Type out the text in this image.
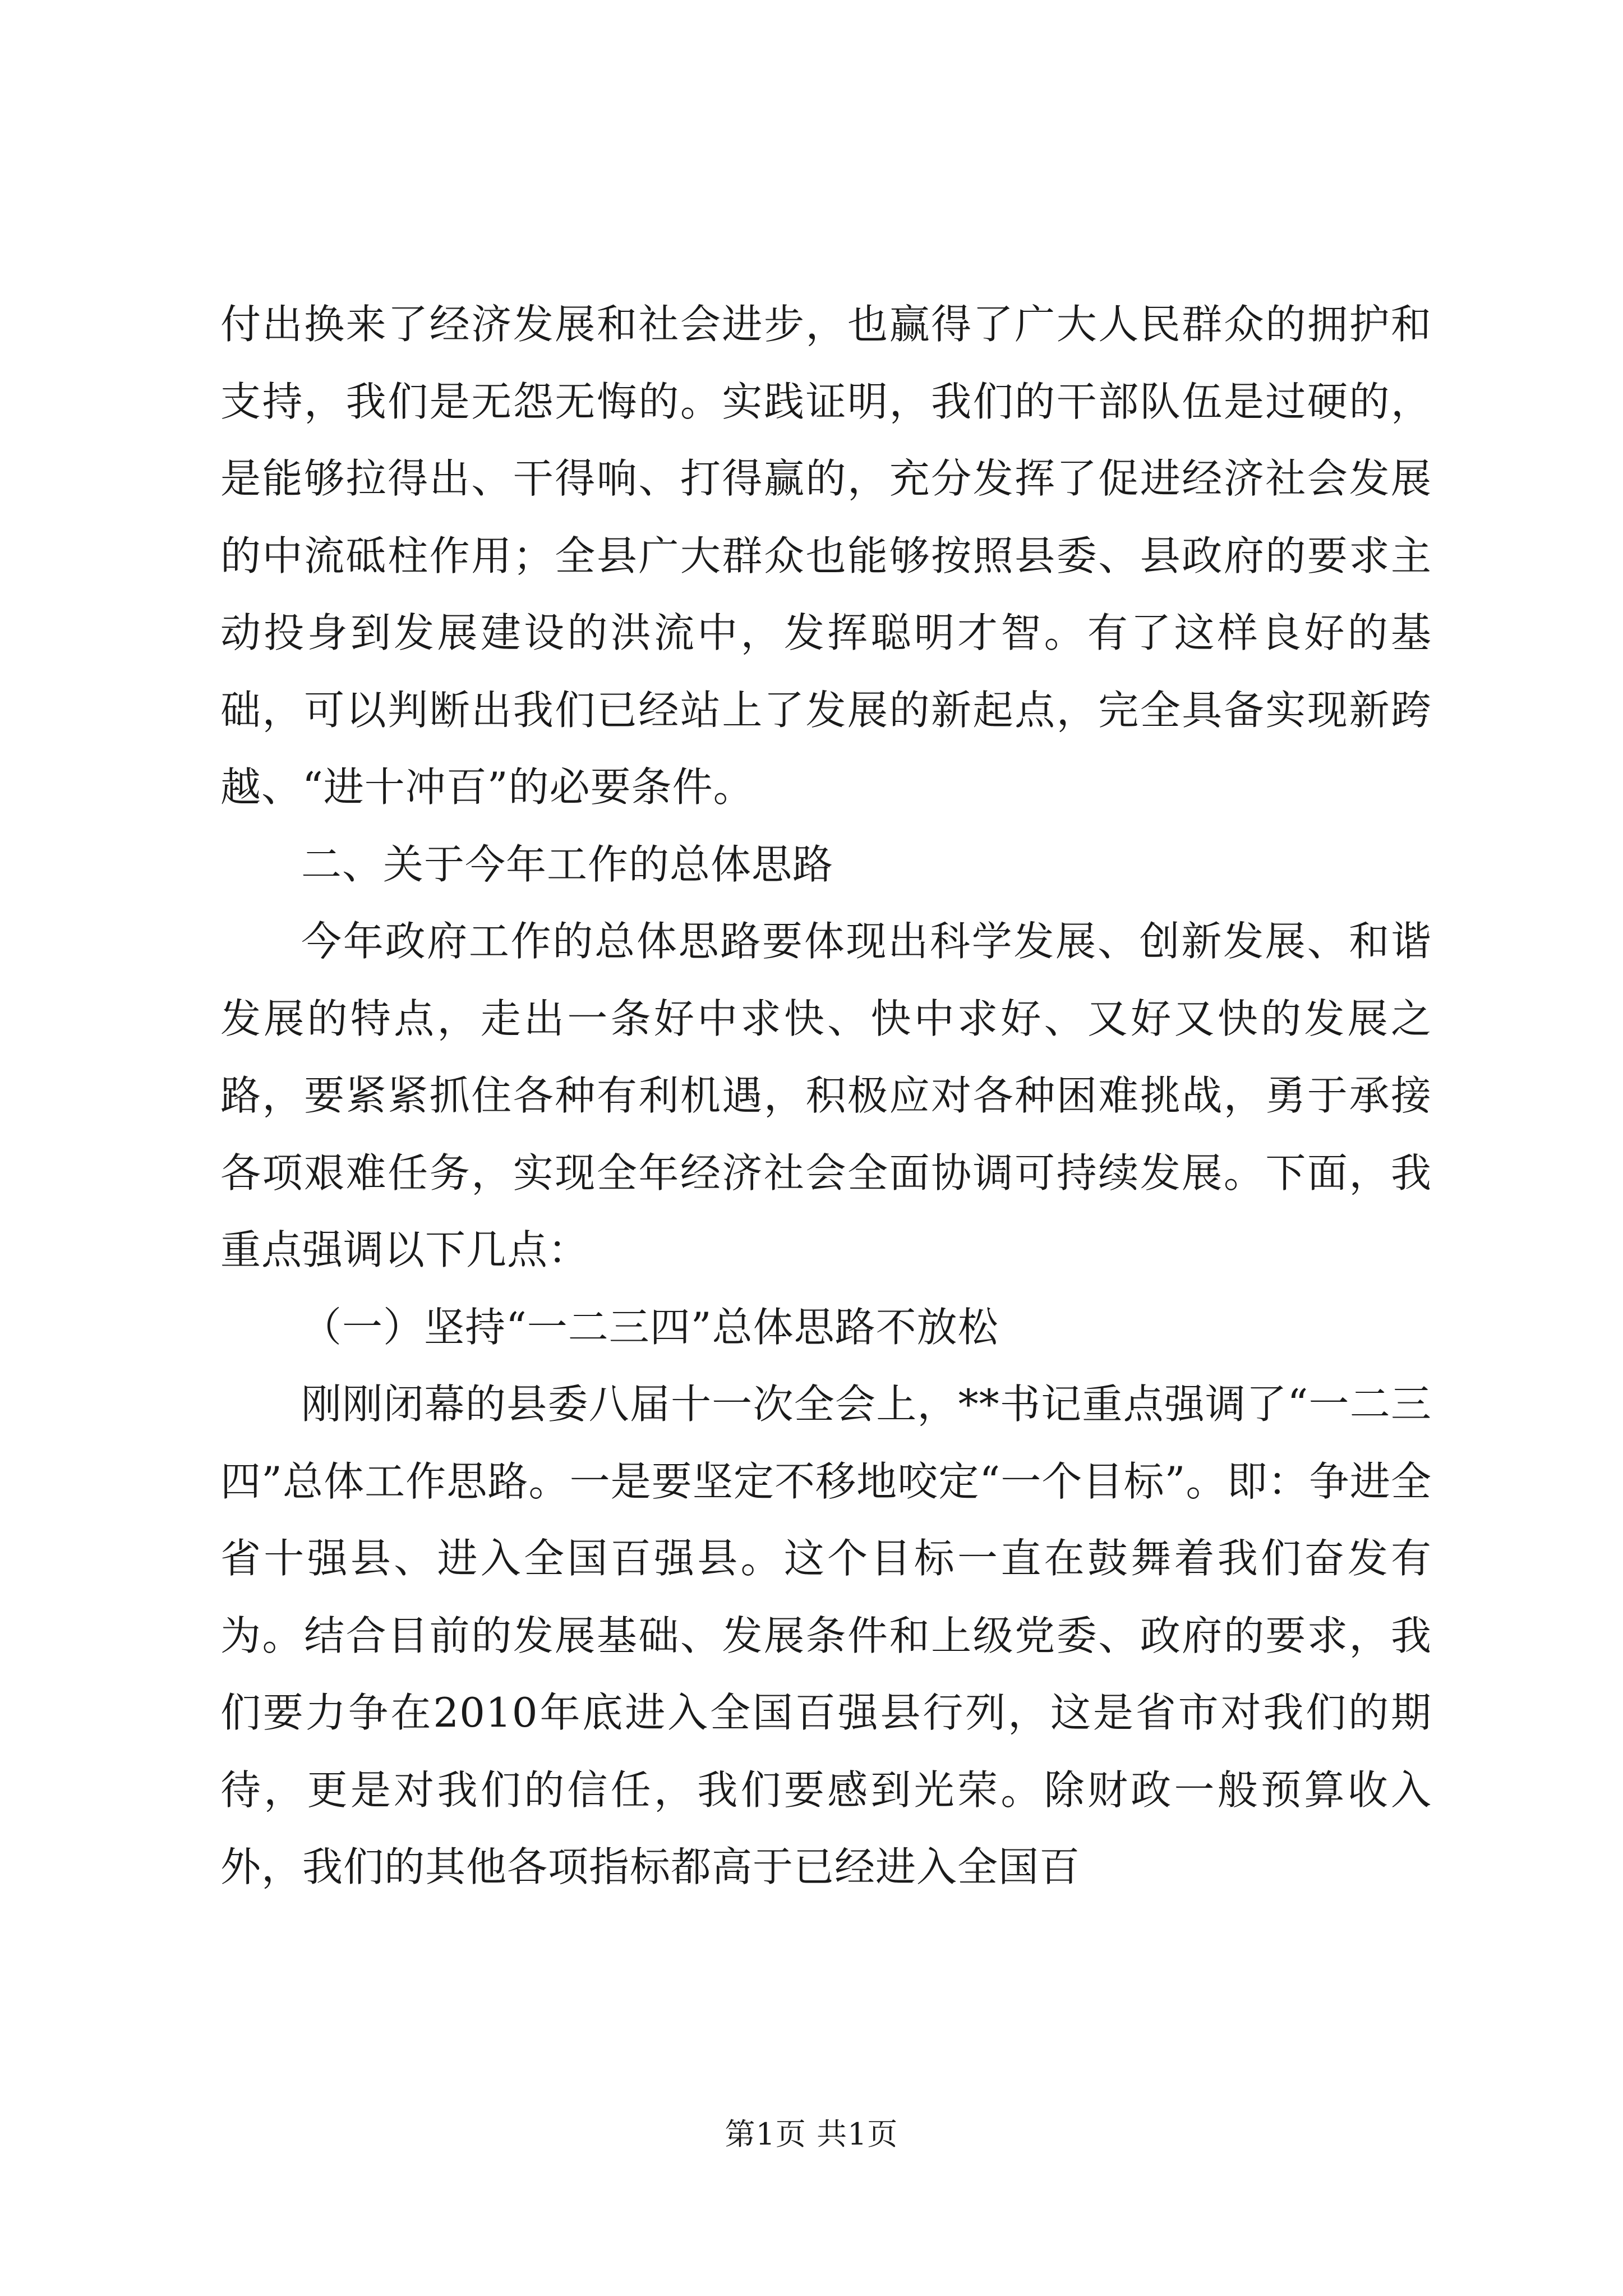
付出换来了经济发展和社会进步，也赢得了广大人民群众的拥护和支持，我们是无怨无悔的。实践证明，我们的干部队伍是过硬的，是能够拉得出、干得响、打得赢的，充分发挥了促进经济社会发展的中流砥柱作用；全县广大群众也能够按照县委、县政府的要求主动投身到发展建设的洪流中，发挥聪明才智。有了这样良好的基础，可以判断出我们已经站上了发展的新起点，完全具备实现新跨越、“进十冲百”的必要条件。

二、关于今年工作的总体思路

今年政府工作的总体思路要体现出科学发展、创新发展、和谐发展的特点，走出一条好中求快、快中求好、又好又快的发展之路，要紧紧抓住各种有利机遇，积极应对各种困难挑战，勇于承接各项艰难任务，实现全年经济社会全面协调可持续发展。下面，我重点强调以下几点：

（一）坚持“一二三四”总体思路不放松

刚刚闭幕的县委八届十一次全会上，**书记重点强调了“一二三四”总体工作思路。一是要坚定不移地咬定“一个目标”。即：争进全省十强县、进入全国百强县。这个目标一直在鼓舞着我们奋发有为。结合目前的发展基础、发展条件和上级党委、政府的要求，我们要力争在2010年底进入全国百强县行列，这是省市对我们的期待，更是对我们的信任，我们要感到光荣。除财政一般预算收入外，我们的其他各项指标都高于已经进入全国百

第1页 共1页
